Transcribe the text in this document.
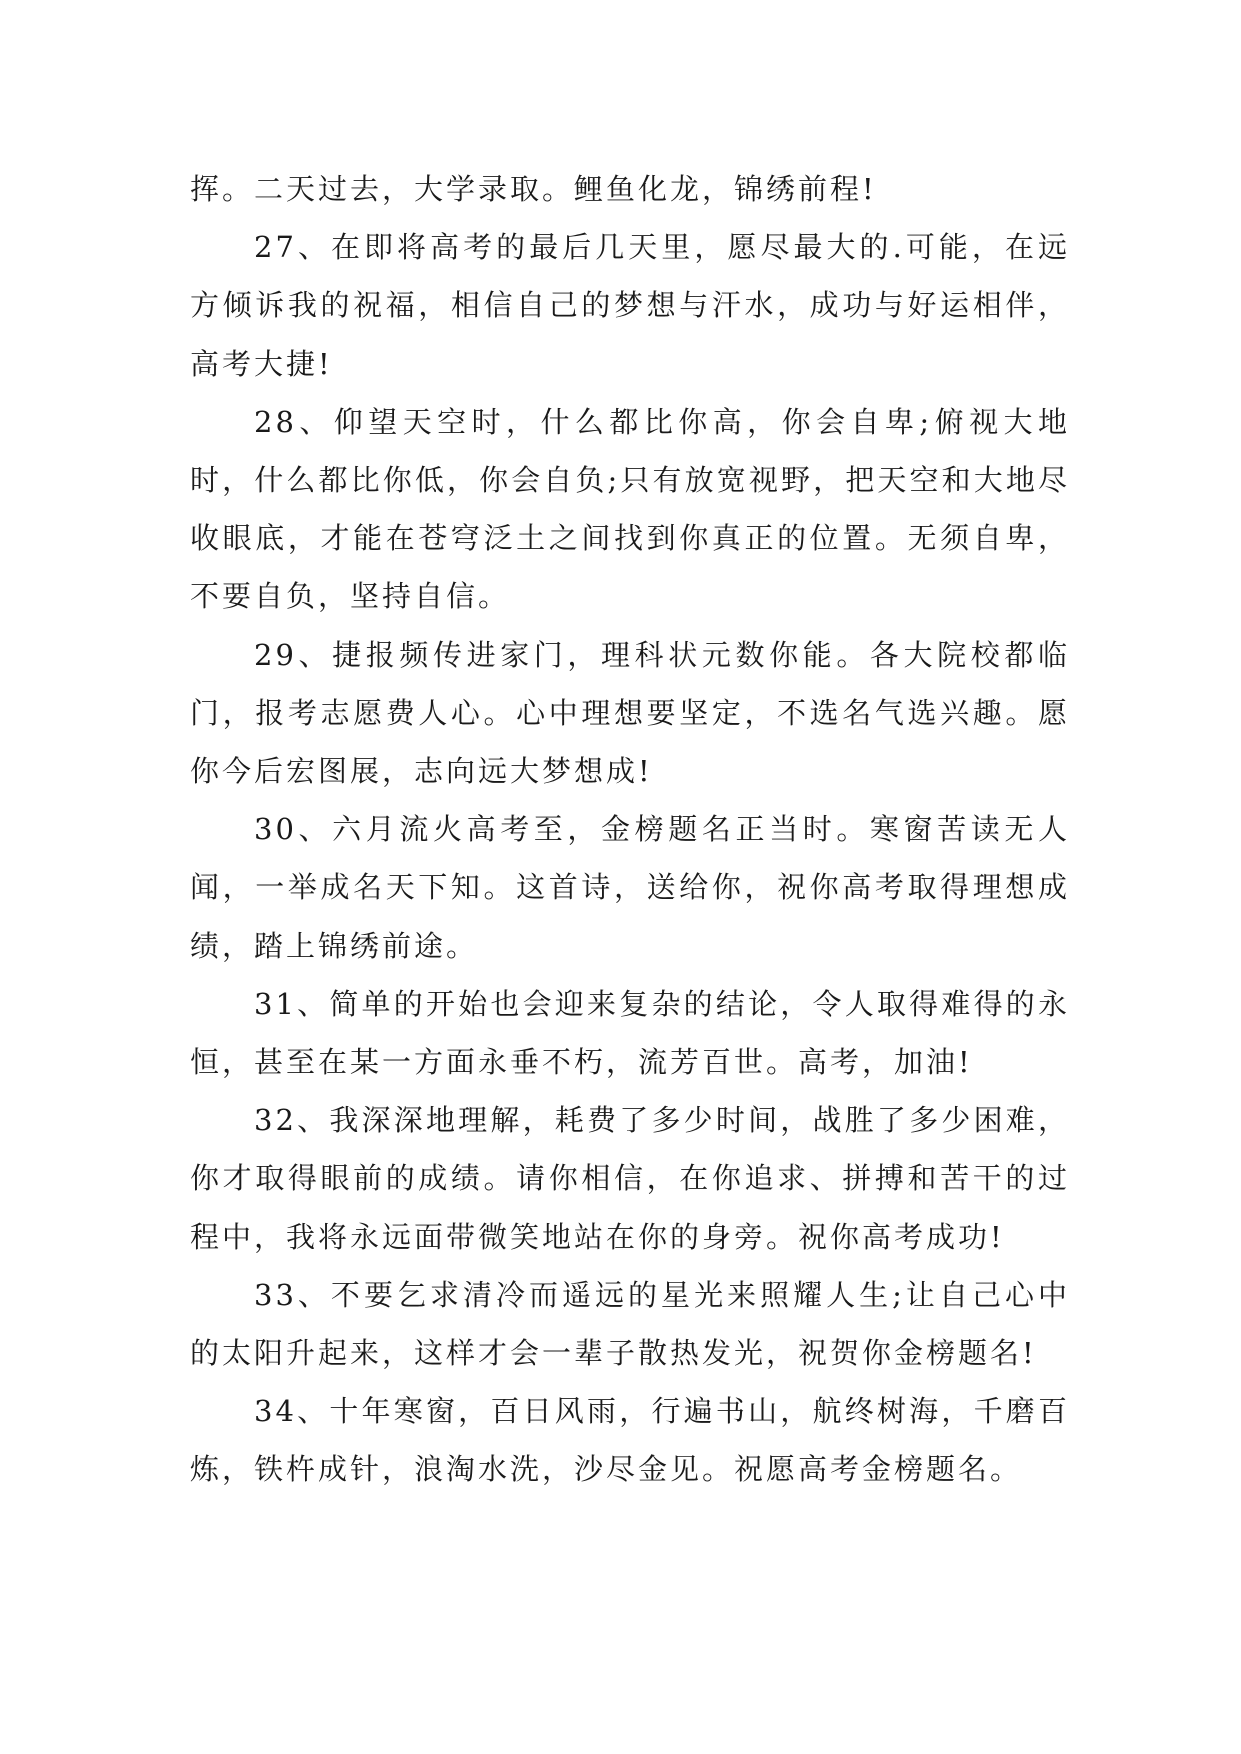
挥。二天过去，大学录取。鲤鱼化龙，锦绣前程!

27、在即将高考的最后几天里，愿尽最大的.可能，在远方倾诉我的祝福，相信自己的梦想与汗水，成功与好运相伴，高考大捷!

28、仰望天空时，什么都比你高，你会自卑;俯视大地时，什么都比你低，你会自负;只有放宽视野，把天空和大地尽收眼底，才能在苍穹泛土之间找到你真正的位置。无须自卑，不要自负，坚持自信。

29、捷报频传进家门，理科状元数你能。各大院校都临门，报考志愿费人心。心中理想要坚定，不选名气选兴趣。愿你今后宏图展，志向远大梦想成!

30、六月流火高考至，金榜题名正当时。寒窗苦读无人闻，一举成名天下知。这首诗，送给你，祝你高考取得理想成绩，踏上锦绣前途。

31、简单的开始也会迎来复杂的结论，令人取得难得的永恒，甚至在某一方面永垂不朽，流芳百世。高考，加油!

32、我深深地理解，耗费了多少时间，战胜了多少困难，你才取得眼前的成绩。请你相信，在你追求、拼搏和苦干的过程中，我将永远面带微笑地站在你的身旁。祝你高考成功!

33、不要乞求清冷而遥远的星光来照耀人生;让自己心中的太阳升起来，这样才会一辈子散热发光，祝贺你金榜题名!

34、十年寒窗，百日风雨，行遍书山，航终树海，千磨百炼，铁杵成针，浪淘水洗，沙尽金见。祝愿高考金榜题名。
